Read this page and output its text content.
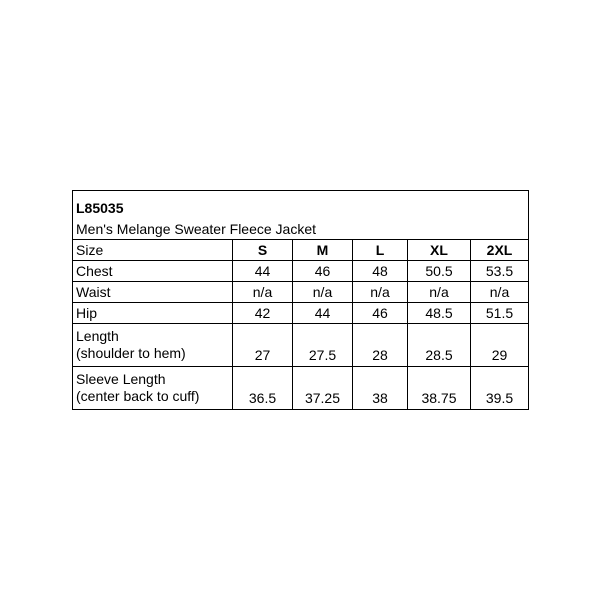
L85035					
Men's Melange Sweater Fleece Jacket					
Size	S	M	L	XL	2XL
Chest	44	46	48	50.5	53.5
Waist	n/a	n/a	n/a	n/a	n/a
Hip	42	44	46	48.5	51.5

Length
(shoulder to hem)	27	27.5	28	28.5	29

Sleeve Length
(center back to cuff)	36.5	37.25	38	38.75	39.5
